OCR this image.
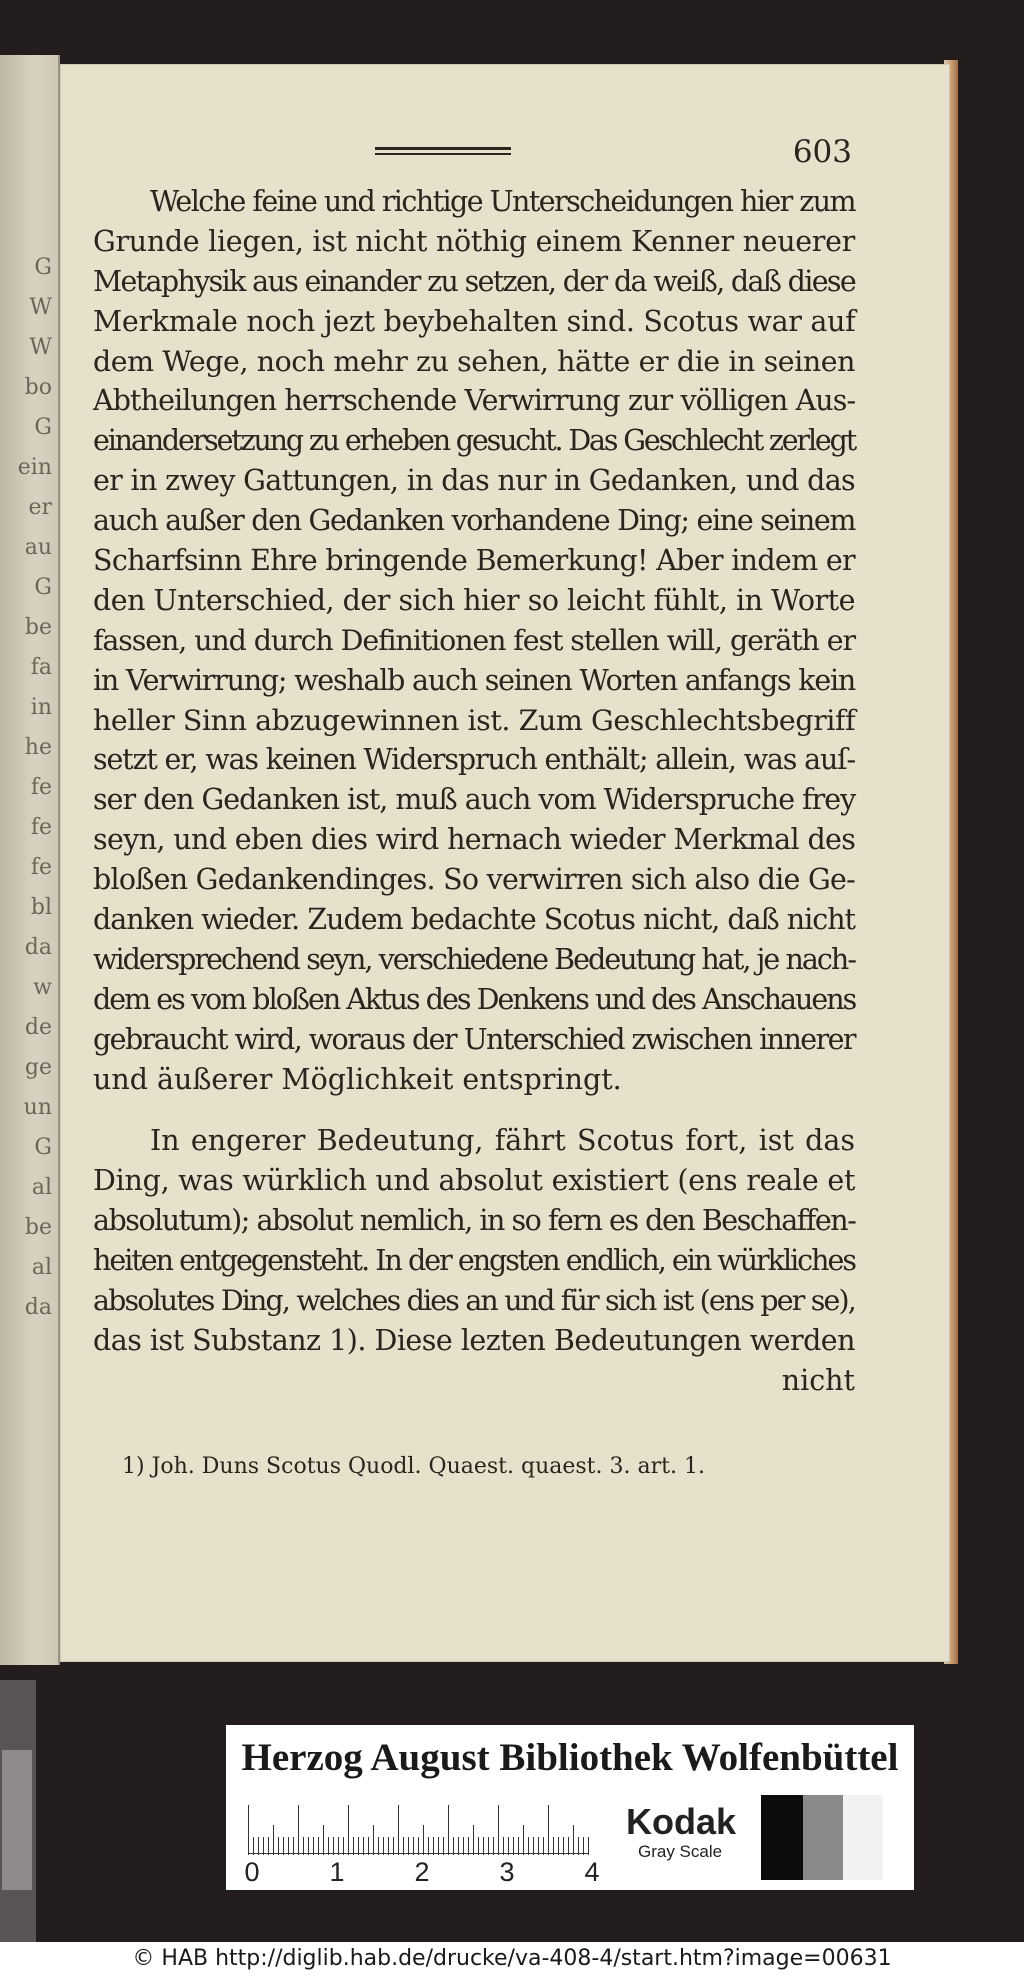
G
W
W
bo
G
ein
er
au
G
be
fa
in
he
fe
fe
fe
bl
da
w
de
ge
un
G
al
be
al
da
603
Welche feine und richtige Unterscheidungen hier zum
Grunde liegen, ist nicht nöthig einem Kenner neuerer
Metaphysik aus einander zu setzen, der da weiß, daß diese
Merkmale noch jezt beybehalten sind. Scotus war auf
dem Wege, noch mehr zu sehen, hätte er die in seinen
Abtheilungen herrschende Verwirrung zur völligen Aus-
einandersetzung zu erheben gesucht. Das Geschlecht zerlegt
er in zwey Gattungen, in das nur in Gedanken, und das
auch außer den Gedanken vorhandene Ding; eine seinem
Scharfsinn Ehre bringende Bemerkung! Aber indem er
den Unterschied, der sich hier so leicht fühlt, in Worte
fassen, und durch Definitionen fest stellen will, geräth er
in Verwirrung; weshalb auch seinen Worten anfangs kein
heller Sinn abzugewinnen ist. Zum Geschlechtsbegriff
setzt er, was keinen Widerspruch enthält; allein, was auſ-
ser den Gedanken ist, muß auch vom Widerspruche frey
seyn, und eben dies wird hernach wieder Merkmal des
bloßen Gedankendinges. So verwirren sich also die Ge-
danken wieder. Zudem bedachte Scotus nicht, daß nicht
widersprechend seyn, verschiedene Bedeutung hat, je nach-
dem es vom bloßen Aktus des Denkens und des Anschauens
gebraucht wird, woraus der Unterschied zwischen innerer
und äußerer Möglichkeit entspringt.
In engerer Bedeutung, fährt Scotus fort, ist das
Ding, was würklich und absolut existiert (ens reale et
absolutum); absolut nemlich, in so fern es den Beschaffen-
heiten entgegensteht. In der engsten endlich, ein würkliches
absolutes Ding, welches dies an und für sich ist (ens per se),
das ist Substanz 1). Diese lezten Bedeutungen werden
nicht
1) Joh. Duns Scotus Quodl. Quaest. quaest. 3. art. 1.
Herzog August Bibliothek Wolfenbüttel
0	1	2	3	4
Kodak
Gray Scale
© HAB http://diglib.hab.de/drucke/va-408-4/start.htm?image=00631
